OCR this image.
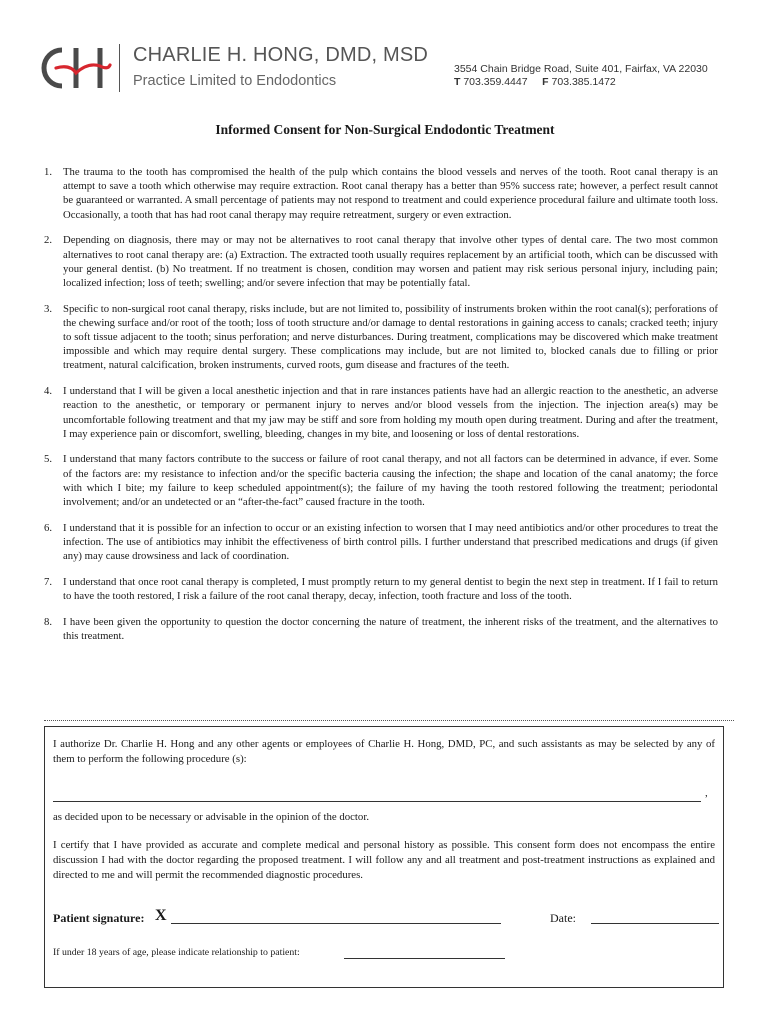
CHARLIE H. HONG, DMD, MSD
Practice Limited to Endodontics
3554 Chain Bridge Road, Suite 401, Fairfax, VA 22030
T 703.359.4447 F 703.385.1472
Informed Consent for Non-Surgical Endodontic Treatment
1.	The trauma to the tooth has compromised the health of the pulp which contains the blood vessels and nerves of the tooth. Root canal therapy is an attempt to save a tooth which otherwise may require extraction. Root canal therapy has a better than 95% success rate; however, a perfect result cannot be guaranteed or warranted. A small percentage of patients may not respond to treatment and could experience procedural failure and ultimate tooth loss. Occasionally, a tooth that has had root canal therapy may require retreatment, surgery or even extraction.
2.	Depending on diagnosis, there may or may not be alternatives to root canal therapy that involve other types of dental care. The two most common alternatives to root canal therapy are: (a) Extraction. The extracted tooth usually requires replacement by an artificial tooth, which can be discussed with your general dentist. (b) No treatment. If no treatment is chosen, condition may worsen and patient may risk serious personal injury, including pain; localized infection; loss of teeth; swelling; and/or severe infection that may be potentially fatal.
3.	Specific to non-surgical root canal therapy, risks include, but are not limited to, possibility of instruments broken within the root canal(s); perforations of the chewing surface and/or root of the tooth; loss of tooth structure and/or damage to dental restorations in gaining access to canals; cracked teeth; injury to soft tissue adjacent to the tooth; sinus perforation; and nerve disturbances. During treatment, complications may be discovered which make treatment impossible and which may require dental surgery. These complications may include, but are not limited to, blocked canals due to filling or prior treatment, natural calcification, broken instruments, curved roots, gum disease and fractures of the teeth.
4.	I understand that I will be given a local anesthetic injection and that in rare instances patients have had an allergic reaction to the anesthetic, an adverse reaction to the anesthetic, or temporary or permanent injury to nerves and/or blood vessels from the injection. The injection area(s) may be uncomfortable following treatment and that my jaw may be stiff and sore from holding my mouth open during treatment. During and after the treatment, I may experience pain or discomfort, swelling, bleeding, changes in my bite, and loosening or loss of dental restorations.
5.	I understand that many factors contribute to the success or failure of root canal therapy, and not all factors can be determined in advance, if ever. Some of the factors are: my resistance to infection and/or the specific bacteria causing the infection; the shape and location of the canal anatomy; the force with which I bite; my failure to keep scheduled appointment(s); the failure of my having the tooth restored following the treatment; periodontal involvement; and/or an undetected or an “after-the-fact” caused fracture in the tooth.
6.	I understand that it is possible for an infection to occur or an existing infection to worsen that I may need antibiotics and/or other procedures to treat the infection. The use of antibiotics may inhibit the effectiveness of birth control pills. I further understand that prescribed medications and drugs (if given any) may cause drowsiness and lack of coordination.
7.	I understand that once root canal therapy is completed, I must promptly return to my general dentist to begin the next step in treatment. If I fail to return to have the tooth restored, I risk a failure of the root canal therapy, decay, infection, tooth fracture and loss of the tooth.
8.	I have been given the opportunity to question the doctor concerning the nature of treatment, the inherent risks of the treatment, and the alternatives to this treatment.
I authorize Dr. Charlie H. Hong and any other agents or employees of Charlie H. Hong, DMD, PC, and such assistants as may be selected by any of them to perform the following procedure (s):
,
as decided upon to be necessary or advisable in the opinion of the doctor.
I certify that I have provided as accurate and complete medical and personal history as possible. This consent form does not encompass the entire discussion I had with the doctor regarding the proposed treatment. I will follow any and all treatment and post-treatment instructions as explained and directed to me and will permit the recommended diagnostic procedures.
Patient signature: X	Date:
If under 18 years of age, please indicate relationship to patient:
